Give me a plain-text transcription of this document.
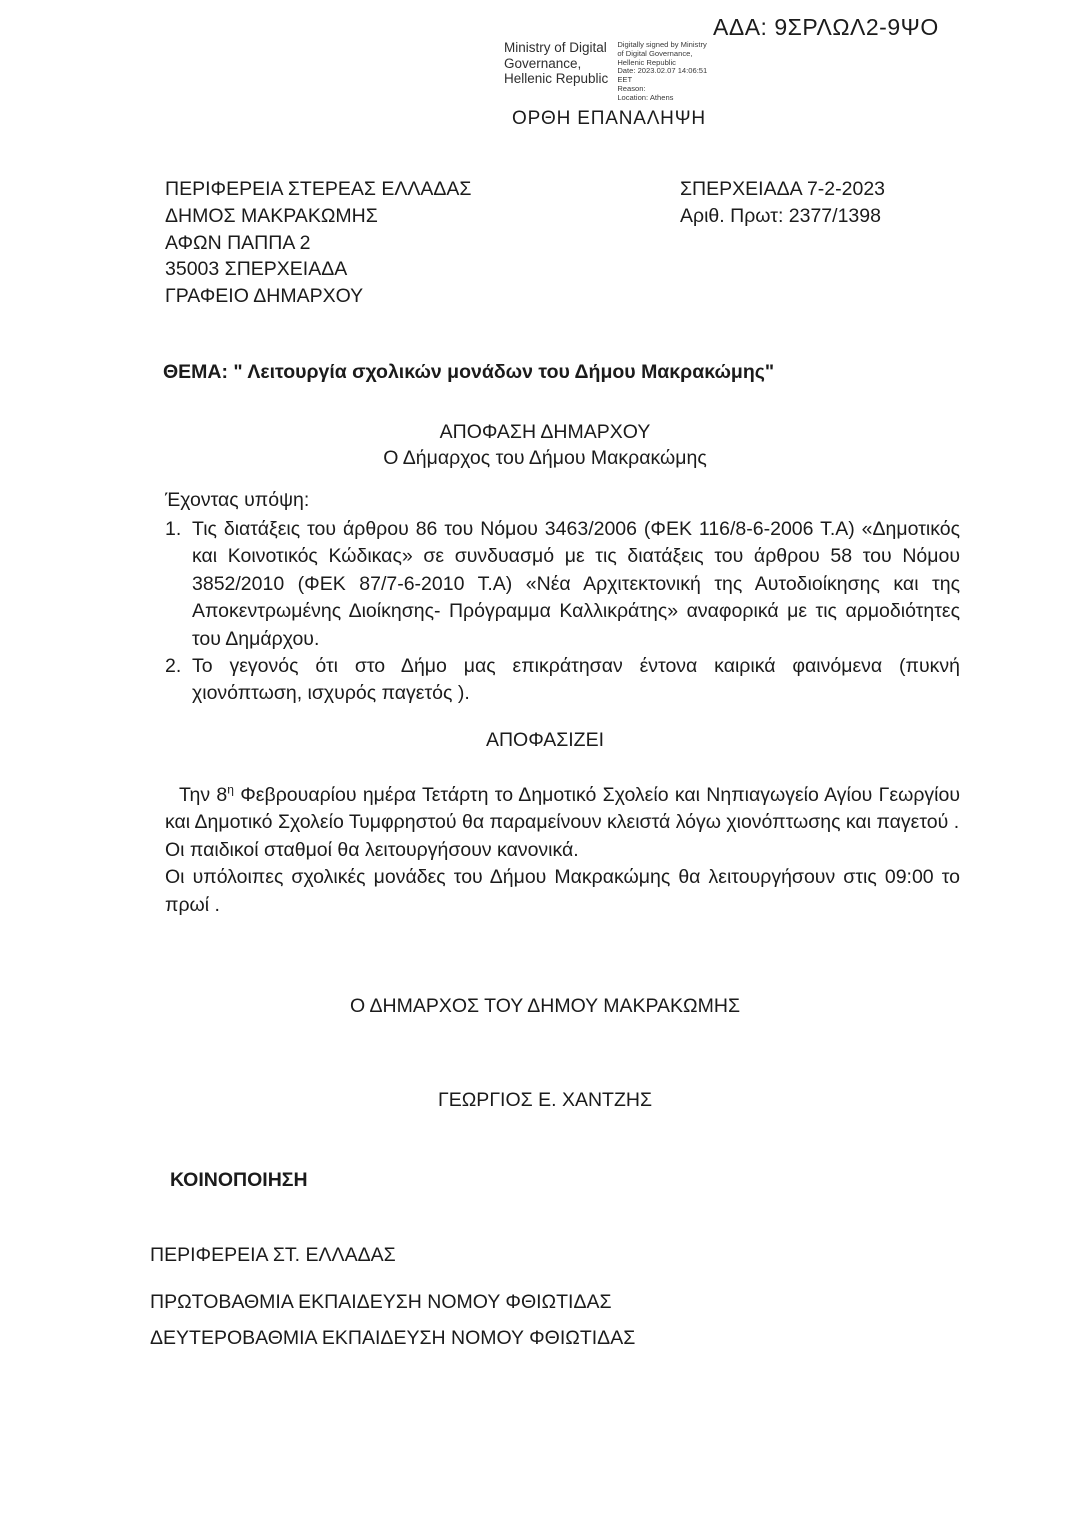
ΑΔΑ: 9ΣΡΛΩΛ2-9ΨΟ
Ministry of Digital
Governance,
Hellenic Republic
Digitally signed by Ministry
of Digital Governance,
Hellenic Republic
Date: 2023.02.07 14:06:51
EET
Reason:
Location: Athens
ΟΡΘΗ ΕΠΑΝΑΛΗΨΗ
ΠΕΡΙΦΕΡΕΙΑ ΣΤΕΡΕΑΣ ΕΛΛΑΔΑΣ
ΔΗΜΟΣ ΜΑΚΡΑΚΩΜΗΣ
ΑΦΩΝ ΠΑΠΠΑ 2
35003 ΣΠΕΡΧΕΙΑΔΑ
ΓΡΑΦΕΙΟ ΔΗΜΑΡΧΟΥ
ΣΠΕΡΧΕΙΑΔΑ 7-2-2023
Αριθ. Πρωτ: 2377/1398
ΘΕΜΑ: " Λειτουργία σχολικών μονάδων του Δήμου Μακρακώμης"
ΑΠΟΦΑΣΗ ΔΗΜΑΡΧΟΥ
Ο Δήμαρχος του Δήμου Μακρακώμης
Έχοντας υπόψη:
1. Τις διατάξεις του άρθρου 86 του Νόμου 3463/2006 (ΦΕΚ 116/8-6-2006 Τ.Α) «Δημοτικός και Κοινοτικός Κώδικας» σε συνδυασμό με τις διατάξεις του άρθρου 58 του Νόμου 3852/2010 (ΦΕΚ 87/7-6-2010 Τ.Α) «Νέα Αρχιτεκτονική της Αυτοδιοίκησης και της Αποκεντρωμένης Διοίκησης- Πρόγραμμα Καλλικράτης» αναφορικά με τις αρμοδιότητες του Δημάρχου.
2. Το γεγονός ότι στο Δήμο μας επικράτησαν έντονα καιρικά φαινόμενα (πυκνή χιονόπτωση, ισχυρός παγετός ).
ΑΠΟΦΑΣΙΖΕΙ

Την $8^\eta$ Φεβρουαρίου ημέρα Τετάρτη το Δημοτικό Σχολείο και Νηπιαγωγείο Αγίου Γεωργίου και Δημοτικό Σχολείο Τυμφρηστού θα παραμείνουν κλειστά λόγω χιονόπτωσης και παγετού .

Οι παιδικοί σταθμοί θα λειτουργήσουν κανονικά.

Οι υπόλοιπες σχολικές μονάδες του Δήμου Μακρακώμης θα λειτουργήσουν στις 09:00 το πρωί .

Ο ΔΗΜΑΡΧΟΣ ΤΟΥ ΔΗΜΟΥ ΜΑΚΡΑΚΩΜΗΣ
ΓΕΩΡΓΙΟΣ Ε. ΧΑΝΤΖΗΣ
ΚΟΙΝΟΠΟΙΗΣΗ
ΠΕΡΙΦΕΡΕΙΑ ΣΤ. ΕΛΛΑΔΑΣ
ΠΡΩΤΟΒΑΘΜΙΑ ΕΚΠΑΙΔΕΥΣΗ ΝΟΜΟΥ ΦΘΙΩΤΙΔΑΣ
ΔΕΥΤΕΡΟΒΑΘΜΙΑ ΕΚΠΑΙΔΕΥΣΗ ΝΟΜΟΥ ΦΘΙΩΤΙΔΑΣ
